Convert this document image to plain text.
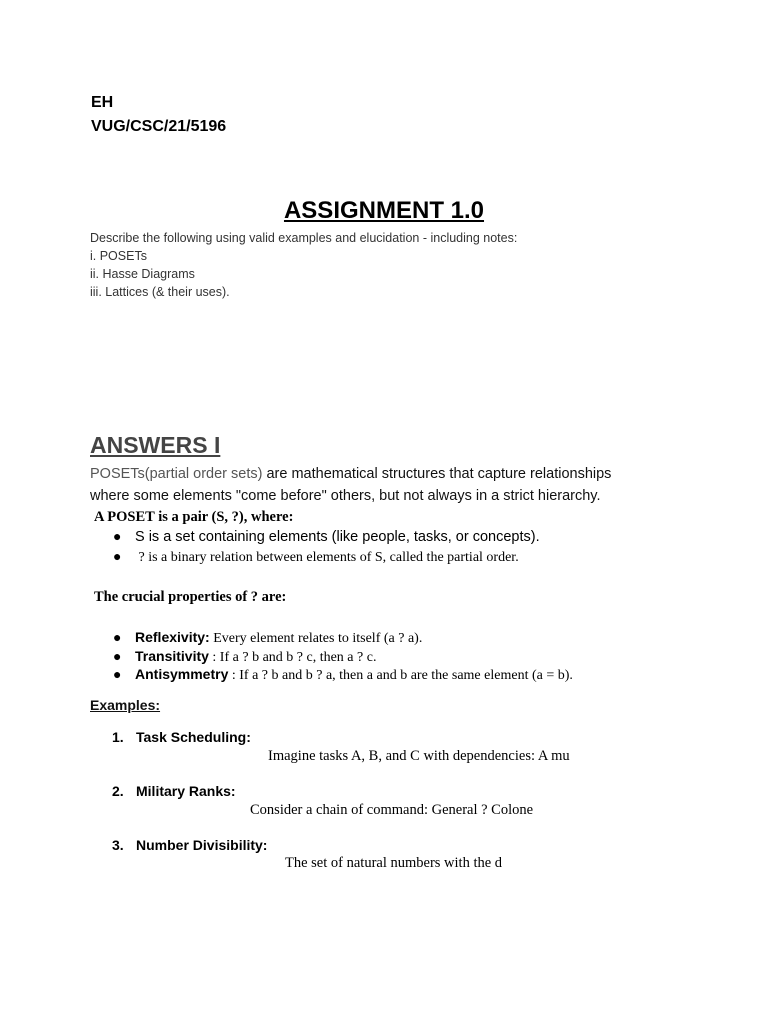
EH
VUG/CSC/21/5196
ASSIGNMENT 1.0
Describe the following using valid examples and elucidation - including notes:
i. POSETs
ii. Hasse Diagrams
iii. Lattices (& their uses).
ANSWERS I
POSETs(partial order sets) are mathematical structures that capture relationships
where some elements "come before" others, but not always in a strict hierarchy.
A POSET is a pair (S, ?), where:
● S is a set containing elements (like people, tasks, or concepts).
● ? is a binary relation between elements of S, called the partial order.
The crucial properties of ? are:
● Reflexivity: Every element relates to itself (a ? a).
● Transitivity : If a ? b and b ? c, then a ? c.
● Antisymmetry : If a ? b and b ? a, then a and b are the same element (a = b).
Examples:
1. Task Scheduling:
Imagine tasks A, B, and C with dependencies: A mu
2. Military Ranks:
Consider a chain of command: General ? Colone
3. Number Divisibility:
The set of natural numbers with the d
